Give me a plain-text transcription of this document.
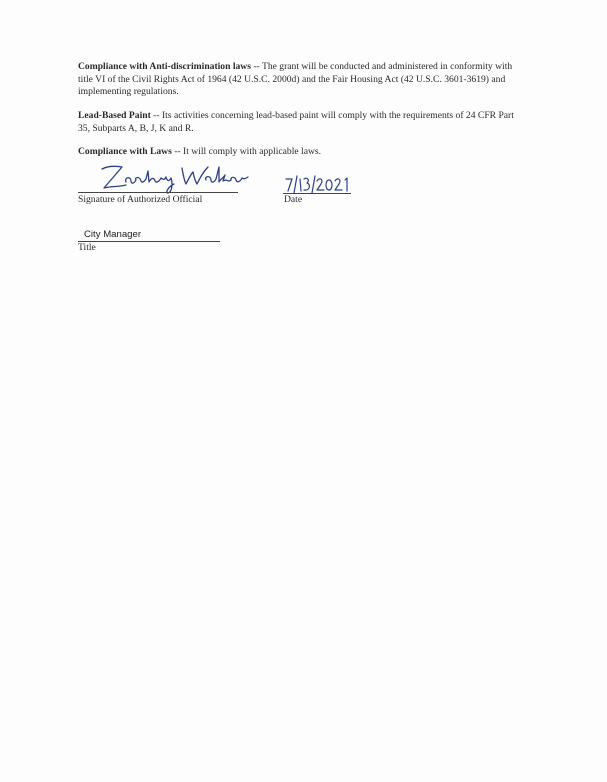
Compliance with Anti-discrimination laws -- The grant will be conducted and administered in conformity with title VI of the Civil Rights Act of 1964 (42 U.S.C. 2000d) and the Fair Housing Act (42 U.S.C. 3601-3619) and implementing regulations.
Lead-Based Paint -- Its activities concerning lead-based paint will comply with the requirements of 24 CFR Part 35, Subparts A, B, J, K and R.
Compliance with Laws -- It will comply with applicable laws.
Signature of Authorized Official	Date
City Manager
Title
